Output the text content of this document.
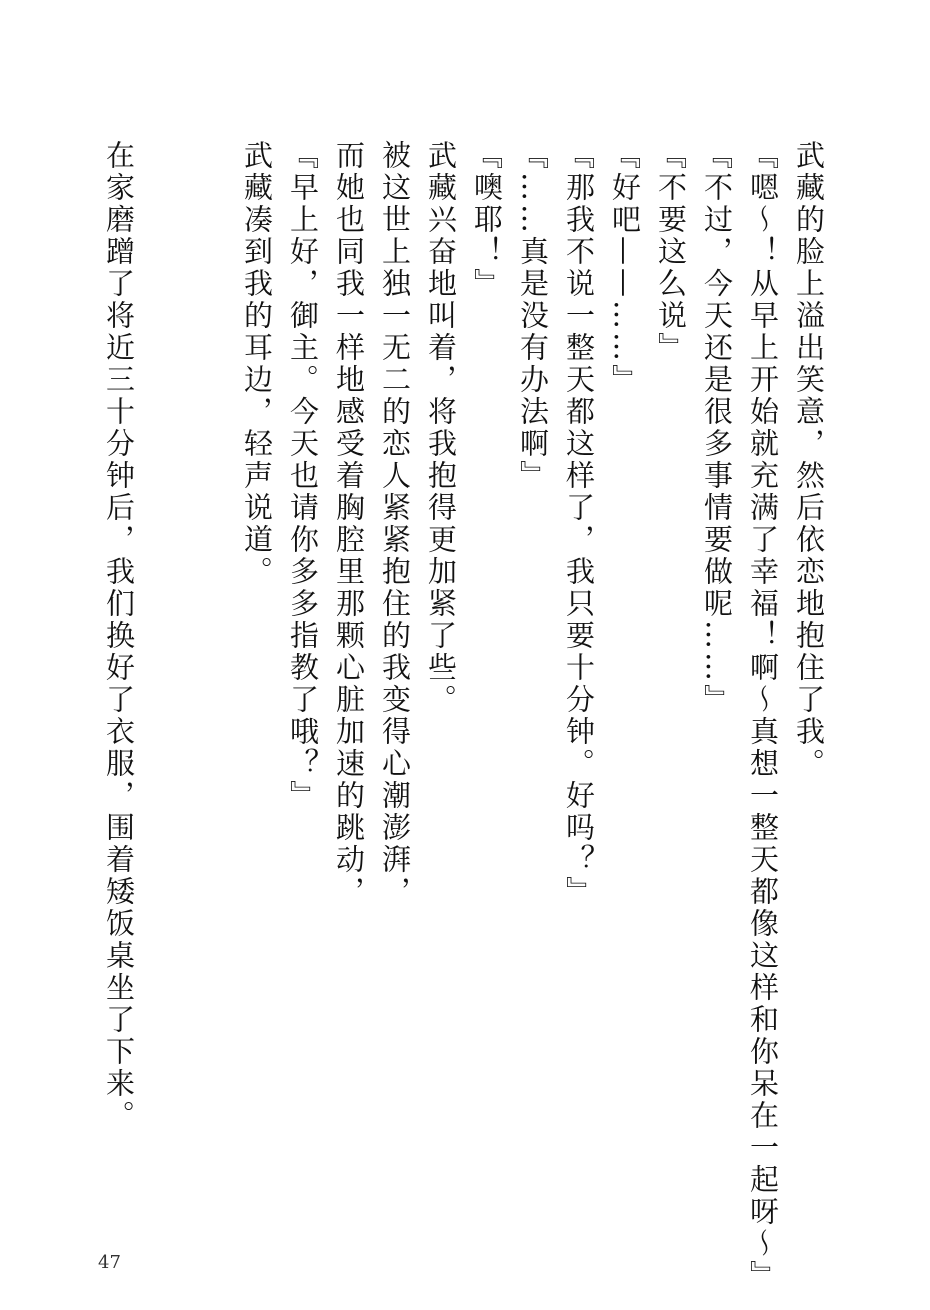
武藏的脸上溢出笑意，然后依恋地抱住了我。
『嗯～！从早上开始就充满了幸福！啊～真想一整天都像这样和你呆在一起呀～』
『不过，今天还是很多事情要做呢……』
『不要这么说』
『好吧——……』
『那我不说一整天都这样了，我只要十分钟。好吗？』
『……真是没有办法啊』
『噢耶！』
武藏兴奋地叫着，将我抱得更加紧了些。
被这世上独一无二的恋人紧紧抱住的我变得心潮澎湃，
而她也同我一样地感受着胸腔里那颗心脏加速的跳动，
『早上好，御主。今天也请你多多指教了哦？』
武藏凑到我的耳边，轻声说道。
在家磨蹭了将近三十分钟后，我们换好了衣服，围着矮饭桌坐了下来。
47
